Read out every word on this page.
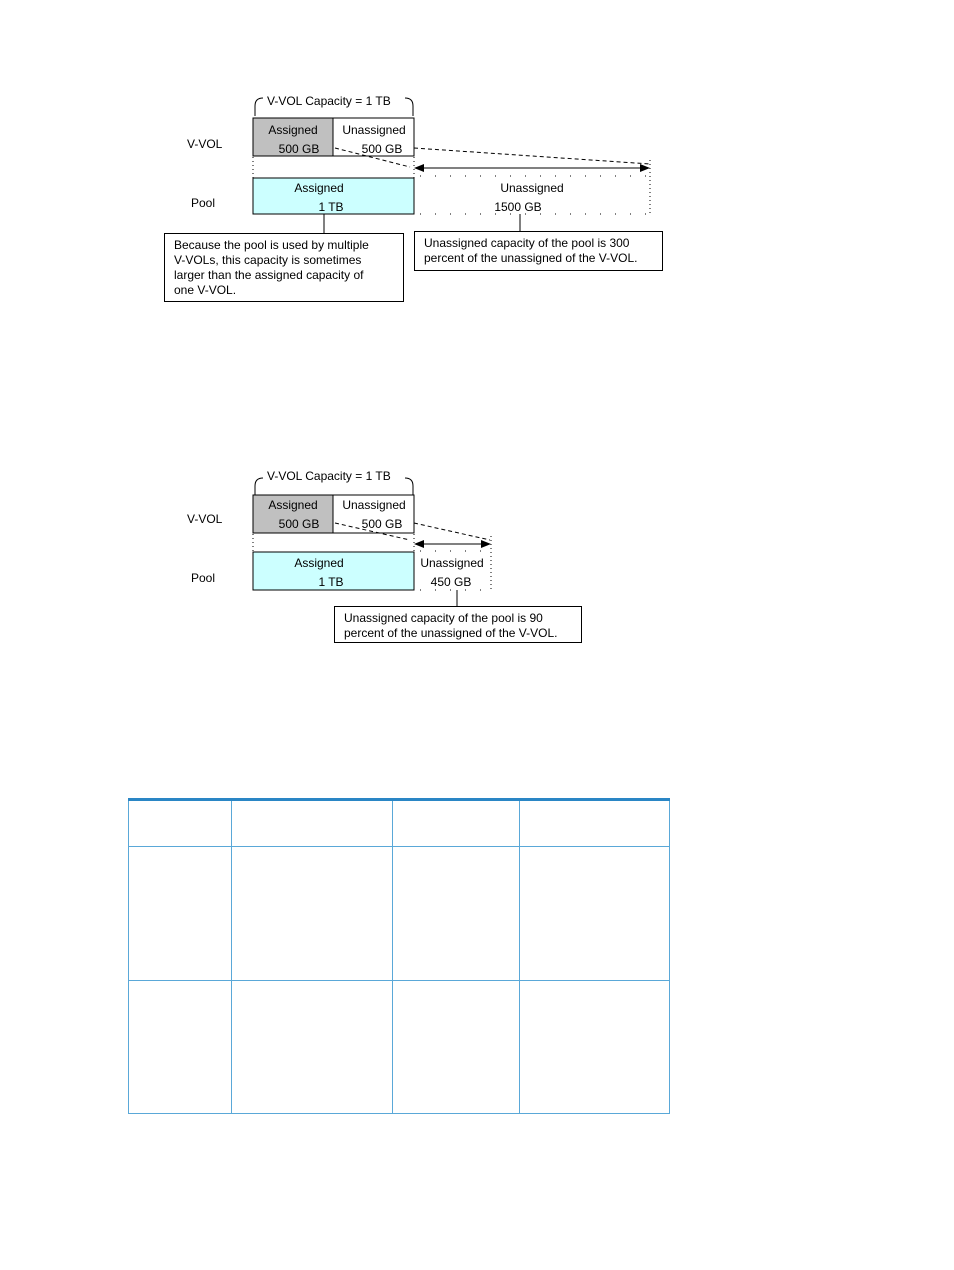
V-VOL Capacity = 1 TB
V-VOL
Pool
Assigned
500 GB
Unassigned
500 GB
Assigned
1 TB
Unassigned
1500 GB
Because the pool is used by multiple
V-VOLs, this capacity is sometimes
larger than the assigned capacity of
one V-VOL.
Unassigned capacity of the pool is 300
percent of the unassigned of the V-VOL.
V-VOL Capacity = 1 TB
V-VOL
Pool
Assigned
500 GB
Unassigned
500 GB
Assigned
1 TB
Unassigned
450 GB
Unassigned capacity of the pool is 90
percent of the unassigned of the V-VOL.
